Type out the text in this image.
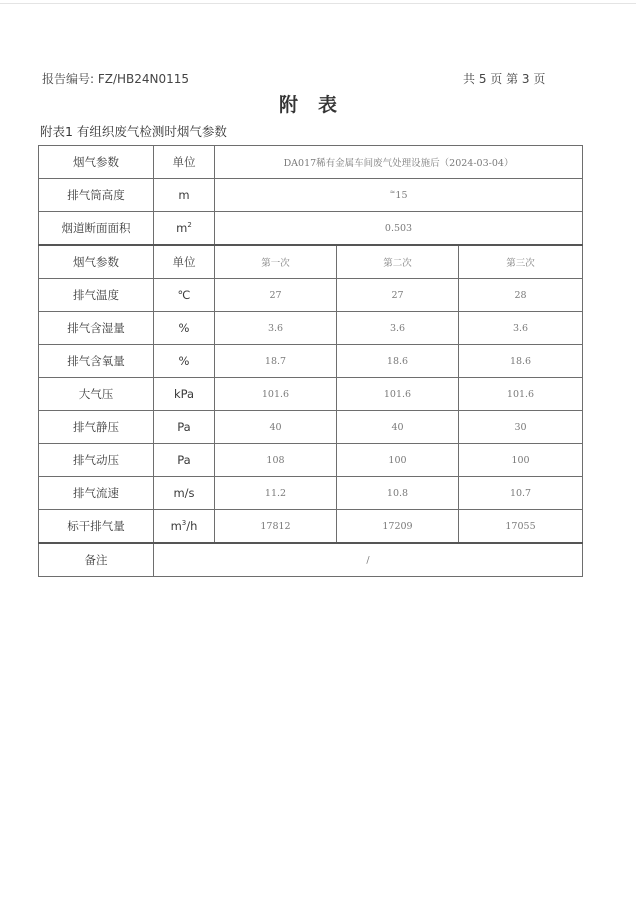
报告编号: FZ/HB24N0115	共 5 页 第 3 页
附表
附表1 有组织废气检测时烟气参数
烟气参数	单位	DA017稀有金属车间废气处理设施后（2024-03-04）		
排气筒高度	m	≈15		
烟道断面面积	$m^2$	0.503		
烟气参数	单位	第一次	第二次	第三次
排气温度	℃	27	27	28
排气含湿量	%	3.6	3.6	3.6
排气含氧量	%	18.7	18.6	18.6
大气压	kPa	101.6	101.6	101.6
排气静压	Pa	40	40	30
排气动压	Pa	108	100	100
排气流速	m/s	11.2	10.8	10.7
标干排气量	$m^3/h$	17812	17209	17055
备注	/			
